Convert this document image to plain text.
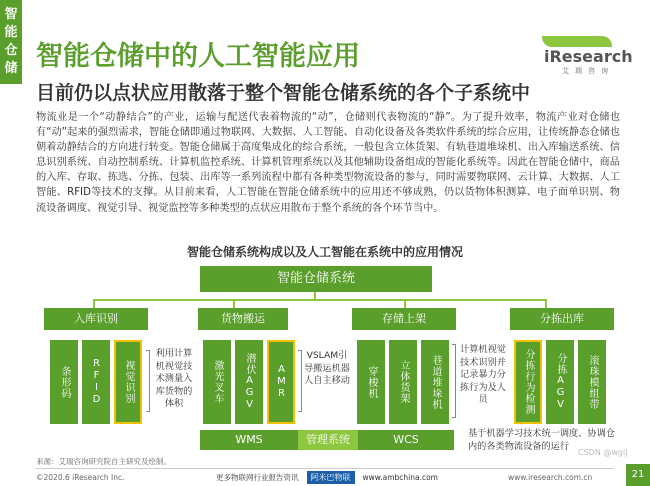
智
能
仓
储 智能仓储中的人工智能应用
目前仍以点状应用散落于整个智能仓储系统的各个子系统中
iResearch
艾瑞咨询
物流业是一个“动静结合”的产业，运输与配送代表着物流的“动”，仓储则代表物流的“静”。为了提升效率，物流产业对仓储也有“动”起来的强烈需求，智能仓储即通过物联网、大数据、人工智能、自动化设备及各类软件系统的综合应用，让传统静态仓储也朝着动静结合的方向进行转变。智能仓储属于高度集成化的综合系统，一般包含立体货架、有轨巷道堆垛机、出入库输送系统、信息识别系统、自动控制系统、计算机监控系统、计算机管理系统以及其他辅助设备组成的智能化系统等。因此在智能仓储中，商品的入库、存取、拣选、分拣、包装、出库等一系列流程中都有各种类型物流设备的参与，同时需要物联网、云计算、大数据、人工智能、RFID等技术的支撑。从目前来看，人工智能在智能仓储系统中的应用还不够成熟，仍以货物体积测算、电子面单识别、物流设备调度、视觉引导、视觉监控等多种类型的点状应用散布于整个系统的各个环节当中。
智能仓储系统构成以及人工智能在系统中的应用情况
智能仓储系统
入库识别	货物搬运	存储上架	分拣出库
条形码 RFID 视觉识别	激光叉车 潜伏AGV AMR	穿梭机 立体货架 巷道堆垛机	分拣行为检测 分拣AGV 滚珠模组带
利用计算机视觉技术测量入库货物的体积
VSLAM引导搬运机器人自主移动
计算机视觉技术识别并记录暴力分拣行为及人员
WMS	管理系统	WCS	基于机器学习技术统一调度、协调仓内的各类物流设备的运行
来源：艾瑞咨询研究院自主研究及绘制。
©2020.6 iResearch Inc.	更多物联网行业报告资讯	阿米巴物联	www.ambchina.com
CSDN @wgiJ
www.iresearch.com.cn	21
